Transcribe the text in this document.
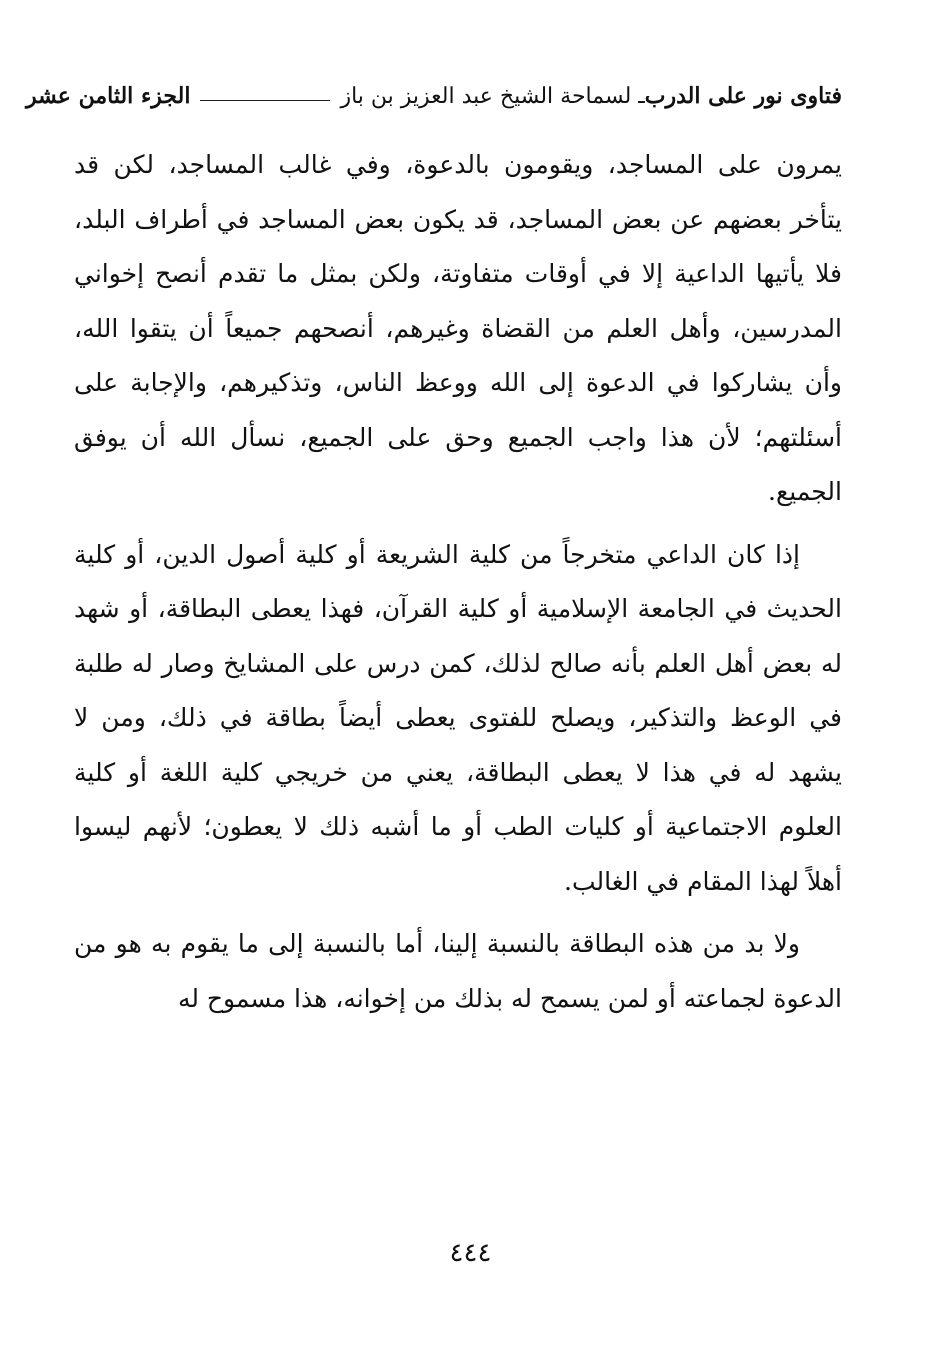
فتاوى نور على الدرب
ـ لسماحة الشيخ عبد العزيز بن باز
الجزء الثامن عشر

يمرون على المساجد، ويقومون بالدعوة، وفي غالب المساجد، لكن قد يتأخر بعضهم عن بعض المساجد، قد يكون بعض المساجد في أطراف البلد، فلا يأتيها الداعية إلا في أوقات متفاوتة، ولكن بمثل ما تقدم أنصح إخواني المدرسين، وأهل العلم من القضاة وغيرهم، أنصحهم جميعاً أن يتقوا الله، وأن يشاركوا في الدعوة إلى الله ووعظ الناس، وتذكيرهم، والإجابة على أسئلتهم؛ لأن هذا واجب الجميع وحق على الجميع، نسأل الله أن يوفق الجميع.

إذا كان الداعي متخرجاً من كلية الشريعة أو كلية أصول الدين، أو كلية الحديث في الجامعة الإسلامية أو كلية القرآن، فهذا يعطى البطاقة، أو شهد له بعض أهل العلم بأنه صالح لذلك، كمن درس على المشايخ وصار له طلبة في الوعظ والتذكير، ويصلح للفتوى يعطى أيضاً بطاقة في ذلك، ومن لا يشهد له في هذا لا يعطى البطاقة، يعني من خريجي كلية اللغة أو كلية العلوم الاجتماعية أو كليات الطب أو ما أشبه ذلك لا يعطون؛ لأنهم ليسوا أهلاً لهذا المقام في الغالب.

ولا بد من هذه البطاقة بالنسبة إلينا، أما بالنسبة إلى ما يقوم به هو من الدعوة لجماعته أو لمن يسمح له بذلك من إخوانه، هذا مسموح له

٤٤٤
